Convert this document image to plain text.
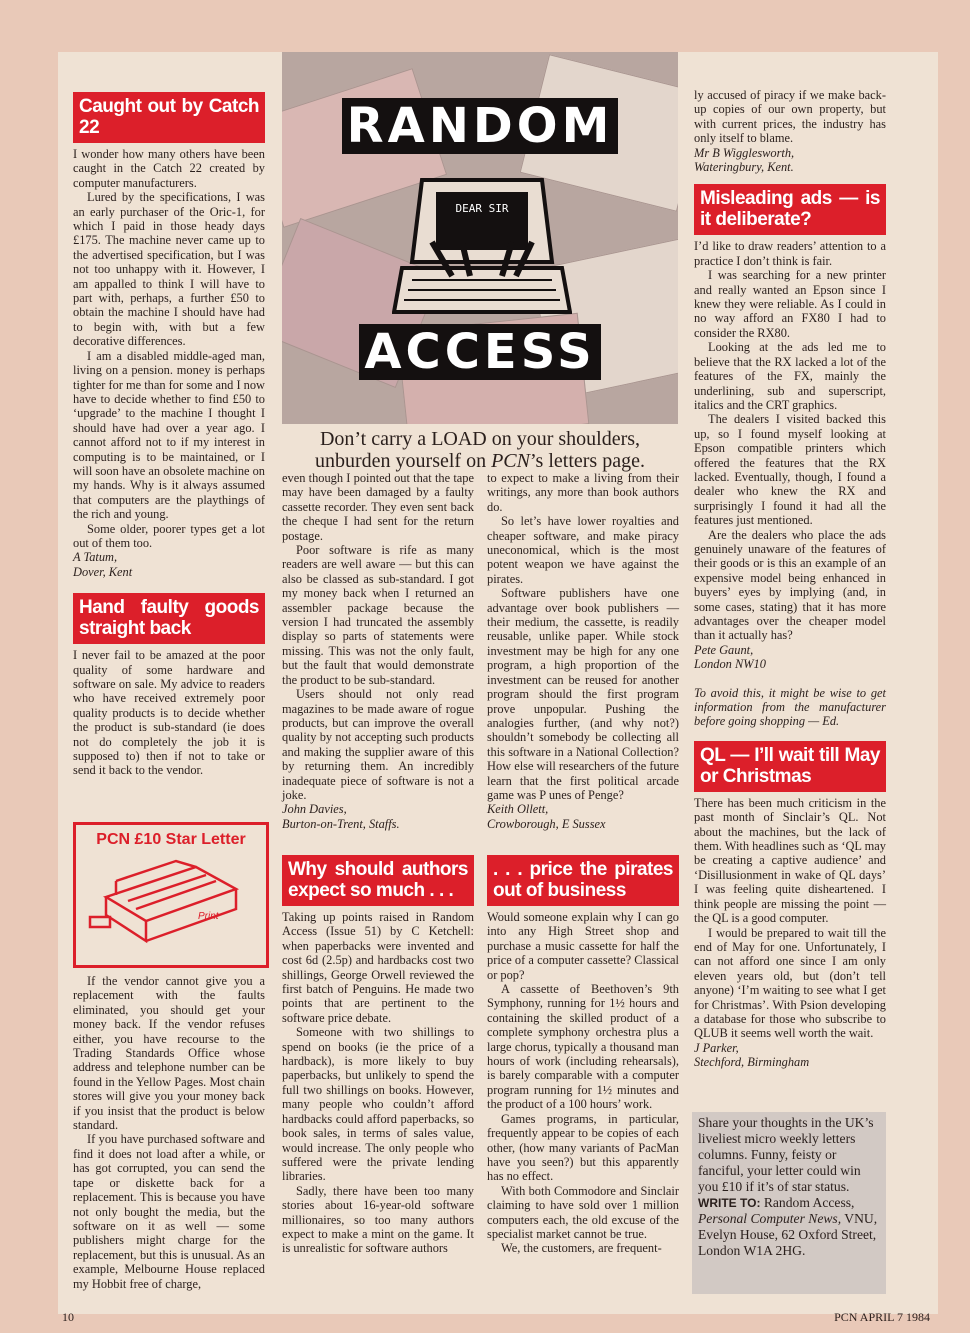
Caught out by Catch 22

I wonder how many others have been caught in the Catch 22 created by computer manufacturers.

Lured by the specifications, I was an early purchaser of the Oric-1, for which I paid in those heady days £175. The machine never came up to the advertised specification, but I was not too unhappy with it. However, I am appalled to think I will have to part with, perhaps, a further £50 to obtain the machine I should have had to begin with, with but a few decorative differences.

I am a disabled middle-aged man, living on a pension. money is perhaps tighter for me than for some and I now have to decide whether to find £50 to ‘upgrade’ to the machine I thought I should have had over a year ago. I cannot afford not to if my interest in computing is to be maintained, or I will soon have an obsolete machine on my hands. Why is it always assumed that computers are the playthings of the rich and young.

Some older, poorer types get a lot out of them too.

A Tatum,

Dover, Kent

Hand faulty goods straight back

I never fail to be amazed at the poor quality of some hardware and software on sale. My advice to readers who have received extremely poor quality products is to decide whether the product is sub-standard (ie does not do completely the job it is supposed to) then if not to take or send it back to the vendor.

PCN £10 Star Letter
Print

If the vendor cannot give you a replacement with the faults eliminated, you should get your money back. If the vendor refuses either, you have recourse to the Trading Standards Office whose address and telephone number can be found in the Yellow Pages. Most chain stores will give you your money back if you insist that the product is below standard.

If you have purchased software and find it does not load after a while, or has got corrupted, you can send the tape or diskette back for a replacement. This is because you have not only bought the media, but the software on it as well — some publishers might charge for the replacement, but this is unusual. As an example, Melbourne House replaced my Hobbit free of charge,

RANDOM
DEAR SIR
ACCESS
Don’t carry a LOAD on your shoulders,
unburden yourself on PCN’s letters page.

even though I pointed out that the tape may have been damaged by a faulty cassette recorder. They even sent back the cheque I had sent for the return postage.

Poor software is rife as many readers are well aware — but this can also be classed as sub-standard. I got my money back when I returned an assembler package because the version I had truncated the assembly display so parts of statements were missing. This was not the only fault, but the fault that would demonstrate the product to be sub-standard.

Users should not only read magazines to be made aware of rogue products, but can improve the overall quality by not accepting such products and making the supplier aware of this by returning them. An incredibly inadequate piece of software is not a joke.

John Davies,

Burton-on-Trent, Staffs.

Why should authors expect so much . . .

Taking up points raised in Random Access (Issue 51) by C Ketchell: when paperbacks were invented and cost 6d (2.5p) and hardbacks cost two shillings, George Orwell reviewed the first batch of Penguins. He made two points that are pertinent to the software price debate.

Someone with two shillings to spend on books (ie the price of a hardback), is more likely to buy paperbacks, but unlikely to spend the full two shillings on books. However, many people who couldn’t afford hardbacks could afford paperbacks, so book sales, in terms of sales value, would increase. The only people who suffered were the private lending libraries.

Sadly, there have been too many stories about 16-year-old software millionaires, so too many authors expect to make a mint on the game. It is unrealistic for software authors

to expect to make a living from their writings, any more than book authors do.

So let’s have lower royalties and cheaper software, and make piracy uneconomical, which is the most potent weapon we have against the pirates.

Software publishers have one advantage over book publishers — their medium, the cassette, is readily reusable, unlike paper. While stock investment may be high for any one program, a high proportion of the investment can be reused for another program should the first program prove unpopular. Pushing the analogies further, (and why not?) shouldn’t somebody be collecting all this software in a National Collection? How else will researchers of the future learn that the first political arcade game was P unes of Penge?

Keith Ollett,

Crowborough, E Sussex

. . . price the pirates out of business

Would someone explain why I can go into any High Street shop and purchase a music cassette for half the price of a computer cassette? Classical or pop?

A cassette of Beethoven’s 9th Symphony, running for 1½ hours and containing the skilled product of a complete symphony orchestra plus a large chorus, typically a thousand man hours of work (including rehearsals), is barely comparable with a computer program running for 1½ minutes and the product of a 100 hours’ work.

Games programs, in particular, frequently appear to be copies of each other, (how many variants of PacMan have you seen?) but this apparently has no effect.

With both Commodore and Sinclair claiming to have sold over 1 million computers each, the old excuse of the specialist market cannot be true.

We, the customers, are frequent-

ly accused of piracy if we make back-up copies of our own property, but with current prices, the industry has only itself to blame.

Mr B Wigglesworth,

Wateringbury, Kent.

Misleading ads — is it deliberate?

I’d like to draw readers’ attention to a practice I don’t think is fair.

I was searching for a new printer and really wanted an Epson since I knew they were reliable. As I could in no way afford an FX80 I had to consider the RX80.

Looking at the ads led me to believe that the RX lacked a lot of the features of the FX, mainly the underlining, sub and superscript, italics and the CRT graphics.

The dealers I visited backed this up, so I found myself looking at Epson compatible printers which offered the features that the RX lacked. Eventually, though, I found a dealer who knew the RX and surprisingly I found it had all the features just mentioned.

Are the dealers who place the ads genuinely unaware of the features of their goods or is this an example of an expensive model being enhanced in buyers’ eyes by implying (and, in some cases, stating) that it has more advantages over the cheaper model than it actually has?

Pete Gaunt,

London NW10

To avoid this, it might be wise to get information from the manufacturer before going shopping — Ed.

QL — I’ll wait till May or Christmas

There has been much criticism in the past month of Sinclair’s QL. Not about the machines, but the lack of them. With headlines such as ‘QL may be creating a captive audience’ and ‘Disillusionment in wake of QL days’ I was feeling quite disheartened. I think people are missing the point — the QL is a good computer.

I would be prepared to wait till the end of May for one. Unfortunately, I can not afford one since I am only eleven years old, but (don’t tell anyone) ‘I’m waiting to see what I get for Christmas’. With Psion developing a database for those who subscribe to QLUB it seems well worth the wait.

J Parker,

Stechford, Birmingham

Share your thoughts in the UK’s liveliest micro weekly letters columns. Funny, feisty or fanciful, your letter could win you £10 if it’s of star status.
WRITE TO: Random Access, Personal Computer News, VNU, Evelyn House, 62 Oxford Street, London W1A 2HG.
10	PCN APRIL 7 1984
